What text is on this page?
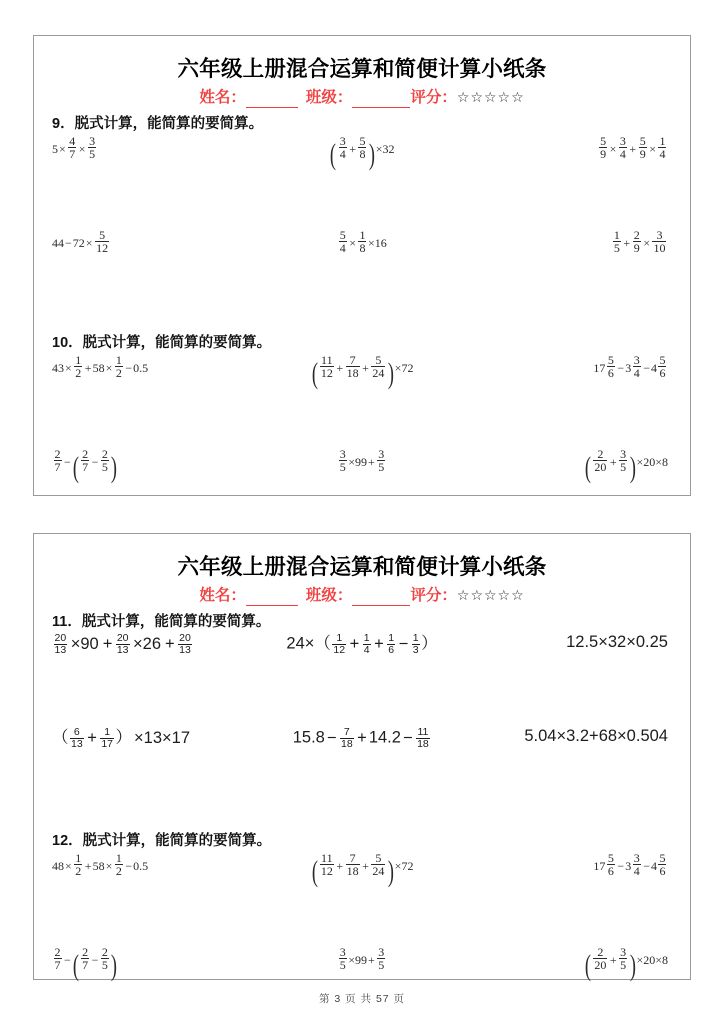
六年级上册混合运算和简便计算小纸条
姓名：	班级：	评分：☆☆☆☆☆
9．脱式计算，能简算的要简算。
$5\times \frac{4}{7} \times \frac{3}{5}$	( $\frac{3}{4} + \frac{5}{8} )\times 32$	$\frac{5}{9} \times \frac{3}{4} + \frac{5}{9} \times \frac{1}{4}$
$44-72\times \frac{5}{12}$	$\frac{5}{4} \times \frac{1}{8} \times 16$	$\frac{1}{5} + \frac{2}{9} \times \frac{3}{10}$
10．脱式计算，能简算的要简算。
$43\times \frac{1}{2} +58\times \frac{1}{2} -0.5$	( $\frac{11}{12} + \frac{7}{18} + \frac{5}{24} )\times 72$	$17 \frac{5}{6} -3 \frac{3}{4} -4 \frac{5}{6}$
$\frac{2}{7}$ −( $\frac{2}{7} - \frac{2}{5}$ )	$\frac{3}{5} \times 99+ \frac{3}{5}$	( $\frac{2}{20} + \frac{3}{5} )\times 20\times 8$
六年级上册混合运算和简便计算小纸条
姓名：	班级：	评分：☆☆☆☆☆
11．脱式计算，能简算的要简算。
$\frac{20}{13} \times 90 + \frac{20}{13} \times 26 + \frac{20}{13}$	$24\times( \frac{1}{12} + \frac{1}{4} + \frac{1}{6} - \frac{1}{3}$ ）	12.5×32×0.25
（ $\frac{6}{13} + \frac{1}{17}$ ） ×13×17	$15.8 - \frac{7}{18} + 14.2 - \frac{11}{18}$	5.04×3.2+68×0.504
12．脱式计算，能简算的要简算。
$48\times \frac{1}{2} +58\times \frac{1}{2} -0.5$	( $\frac{11}{12} + \frac{7}{18} + \frac{5}{24} )\times 72$	$17 \frac{5}{6} -3 \frac{3}{4} -4 \frac{5}{6}$
$\frac{2}{7}$ −( $\frac{2}{7} - \frac{2}{5}$ )	$\frac{3}{5} \times 99+ \frac{3}{5}$	( $\frac{2}{20} + \frac{3}{5} )\times 20\times 8$
第 3 页 共 57 页
